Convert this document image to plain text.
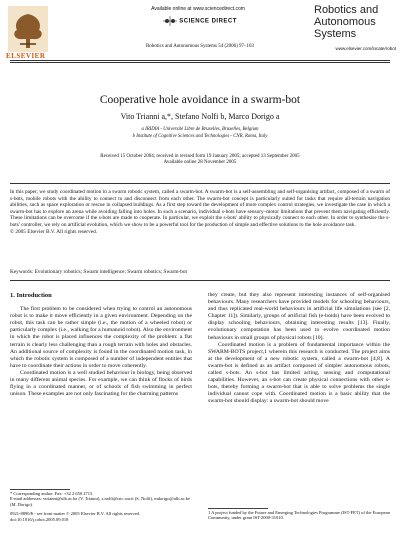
ELSEVIER
Available online at www.sciencedirect.com
SCIENCE DIRECT
Robotics and Autonomous Systems 54 (2006) 97–103
Robotics and
Autonomous
Systems
www.elsevier.com/locate/robot
Cooperative hole avoidance in a swarm-bot
Vito Trianni a,*, Stefano Nolfi b, Marco Dorigo a
a IRIDIA - Université Libre de Bruxelles, Bruxelles, Belgium
b Institute of Cognitive Sciences and Technologies - CNR, Roma, Italy
Received 15 October 2004; received in revised form 19 January 2005; accepted 13 September 2005
Available online 28 November 2005
In this paper, we study coordinated motion in a swarm robotic system, called a swarm-bot. A swarm-bot is a self-assembling and self-organising artifact, composed of a swarm of s-bots, mobile robots with the ability to connect to and disconnect from each other. The swarm-bot concept is particularly suited for tasks that require all-terrain navigation abilities, such as space exploration or rescue in collapsed buildings. As a first step toward the development of more complex control strategies, we investigate the case in which a swarm-bot has to explore an arena while avoiding falling into holes. In such a scenario, individual s-bots have sensory–motor limitations that prevent them navigating efficiently. These limitations can be overcome if the s-bots are made to cooperate. In particular, we exploit the s-bots' ability to physically connect to each other. In order to synthesise the s-bots' controller, we rely on artificial evolution, which we show to be a powerful tool for the production of simple and effective solutions to the hole avoidance task.
© 2005 Elsevier B.V. All rights reserved.
Keywords: Evolutionary robotics; Swarm intelligence; Swarm robotics; Swarm-bot

1. Introduction

The first problem to be considered when trying to control an autonomous robot is to make it move efficiently in a given environment. Depending on the robot, this task can be rather simple (i.e., the motion of a wheeled robot) or particularly complex (i.e., walking for a humanoid robot). Also the environment in which the robot is placed influences the complexity of the problem: a flat terrain is clearly less challenging than a rough terrain with holes and obstacles. An additional source of complexity is found in the coordinated motion task, in which the robotic system is composed of a number of independent entities that have to coordinate their actions in order to move coherently.

Coordinated motion is a well studied behaviour in biology, being observed in many different animal species. For example, we can think of flocks of birds flying in a coordinated manner, or of schools of fish swimming in perfect unison. These examples are not only fascinating for the charming patterns

they create, but they also represent interesting instances of self-organised behaviours. Many researchers have provided models for schooling behaviours, and thus replicated real-world behaviours in artificial life simulations (see [2, Chapter 11]). Similarly, groups of artificial fish (e-boids) have been evolved to display schooling behaviours, obtaining interesting results [13]. Finally, evolutionary computation has been used to evolve coordinated motion behaviours in small groups of physical robots [10].

Coordinated motion is a problem of fundamental importance within the SWARM-BOTS project,1 wherein this research is conducted. The project aims at the development of a new robotic system, called a swarm-bot [4,8]. A swarm-bot is defined as an artifact composed of simpler autonomous robots, called s-bots. An s-bot has limited acting, sensing and computational capabilities. However, an s-bot can create physical connections with other s-bots, thereby forming a swarm-bot that is able to solve problems the single individual cannot cope with. Coordinated motion is a basic ability that the swarm-bot should display: a swarm-bot should move

* Corresponding author. Fax: +32 2 650 2715.
E-mail addresses: vtrianni@ulb.ac.be (V. Trianni), s.nolfi@istc.cnr.it (S. Nolfi), mdorigo@ulb.ac.be (M. Dorigo).
0921-8890/$ - see front matter © 2005 Elsevier B.V. All rights reserved.
doi:10.1016/j.robot.2005.09.018
1 A project funded by the Future and Emerging Technologies Programme (IST-FET) of the European Community, under grant IST-2000-31010.
